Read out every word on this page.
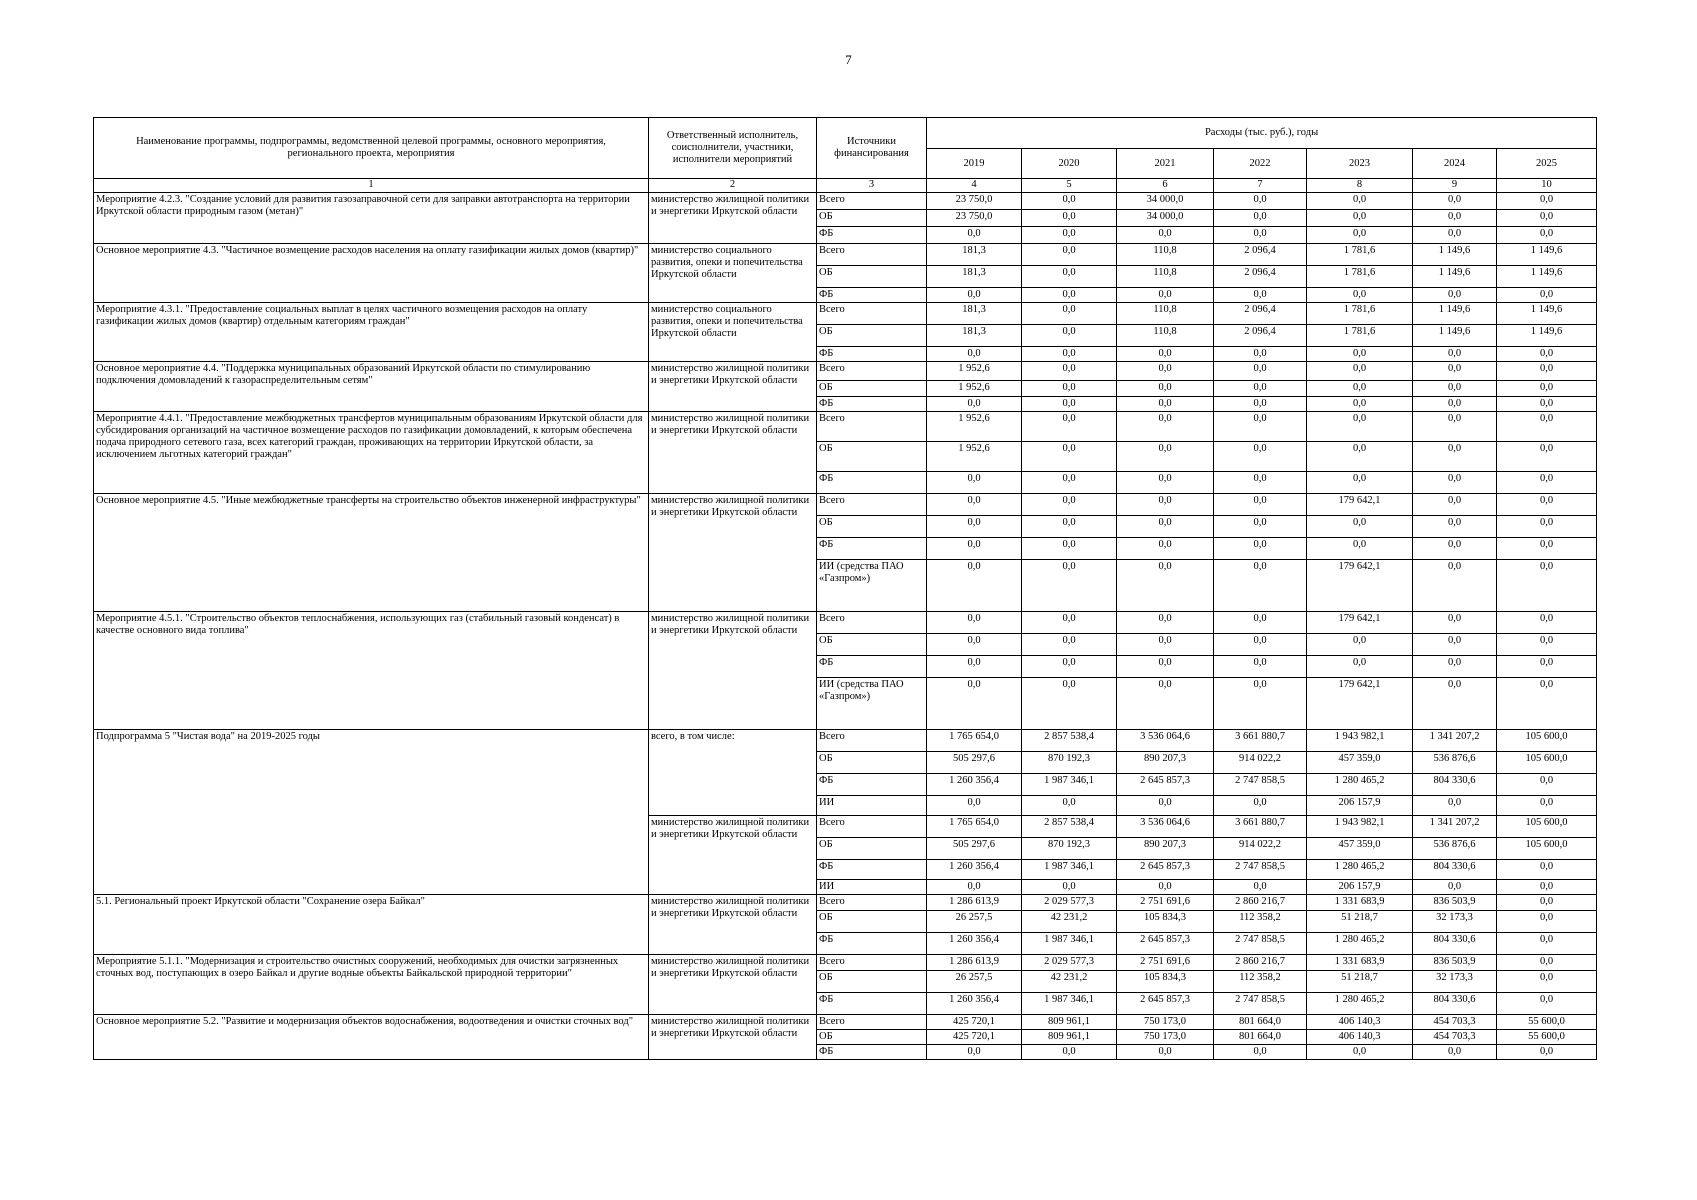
7
Наименование программы, подпрограммы, ведомственной целевой программы, основного мероприятия, регионального проекта, мероприятия	Ответственный исполнитель, соисполнители, участники, исполнители мероприятий	Источники финансирования	Расходы (тыс. руб.), годы						
			2019	2020	2021	2022	2023	2024	2025
1	2	3	4	5	6	7	8	9	10
Мероприятие 4.2.3. "Создание условий для развития газозаправочной сети для заправки автотранспорта на территории Иркутской области природным газом (метан)"	министерство жилищной политики и энергетики Иркутской области	Всего	23 750,0	0,0	34 000,0	0,0	0,0	0,0	0,0
		ОБ	23 750,0	0,0	34 000,0	0,0	0,0	0,0	0,0
		ФБ	0,0	0,0	0,0	0,0	0,0	0,0	0,0
Основное мероприятие 4.3. "Частичное возмещение расходов населения на оплату газификации жилых домов (квартир)"	министерство социального развития, опеки и попечительства Иркутской области	Всего	181,3	0,0	110,8	2 096,4	1 781,6	1 149,6	1 149,6
		ОБ	181,3	0,0	110,8	2 096,4	1 781,6	1 149,6	1 149,6
		ФБ	0,0	0,0	0,0	0,0	0,0	0,0	0,0
Мероприятие 4.3.1. "Предоставление социальных выплат в целях частичного возмещения расходов на оплату газификации жилых домов (квартир) отдельным категориям граждан"	министерство социального развития, опеки и попечительства Иркутской области	Всего	181,3	0,0	110,8	2 096,4	1 781,6	1 149,6	1 149,6
		ОБ	181,3	0,0	110,8	2 096,4	1 781,6	1 149,6	1 149,6
		ФБ	0,0	0,0	0,0	0,0	0,0	0,0	0,0
Основное мероприятие 4.4. "Поддержка муниципальных образований Иркутской области по стимулированию подключения домовладений к газораспределительным сетям"	министерство жилищной политики и энергетики Иркутской области	Всего	1 952,6	0,0	0,0	0,0	0,0	0,0	0,0
		ОБ	1 952,6	0,0	0,0	0,0	0,0	0,0	0,0
		ФБ	0,0	0,0	0,0	0,0	0,0	0,0	0,0
Мероприятие 4.4.1. "Предоставление межбюджетных трансфертов муниципальным образованиям Иркутской области для субсидирования организаций на частичное возмещение расходов по газификации домовладений, к которым обеспечена подача природного сетевого газа, всех категорий граждан, проживающих на территории Иркутской области, за исключением льготных категорий граждан"	министерство жилищной политики и энергетики Иркутской области	Всего	1 952,6	0,0	0,0	0,0	0,0	0,0	0,0
		ОБ	1 952,6	0,0	0,0	0,0	0,0	0,0	0,0
		ФБ	0,0	0,0	0,0	0,0	0,0	0,0	0,0
Основное мероприятие 4.5. "Иные межбюджетные трансферты на строительство объектов инженерной инфраструктуры"	министерство жилищной политики и энергетики Иркутской области	Всего	0,0	0,0	0,0	0,0	179 642,1	0,0	0,0
		ОБ	0,0	0,0	0,0	0,0	0,0	0,0	0,0
		ФБ	0,0	0,0	0,0	0,0	0,0	0,0	0,0
		ИИ (средства ПАО «Газпром»)	0,0	0,0	0,0	0,0	179 642,1	0,0	0,0
Мероприятие 4.5.1. "Строительство объектов теплоснабжения, использующих газ (стабильный газовый конденсат) в качестве основного вида топлива"	министерство жилищной политики и энергетики Иркутской области	Всего	0,0	0,0	0,0	0,0	179 642,1	0,0	0,0
		ОБ	0,0	0,0	0,0	0,0	0,0	0,0	0,0
		ФБ	0,0	0,0	0,0	0,0	0,0	0,0	0,0
		ИИ (средства ПАО «Газпром»)	0,0	0,0	0,0	0,0	179 642,1	0,0	0,0
Подпрограмма 5 "Чистая вода" на 2019-2025 годы	всего, в том числе:	Всего	1 765 654,0	2 857 538,4	3 536 064,6	3 661 880,7	1 943 982,1	1 341 207,2	105 600,0
		ОБ	505 297,6	870 192,3	890 207,3	914 022,2	457 359,0	536 876,6	105 600,0
		ФБ	1 260 356,4	1 987 346,1	2 645 857,3	2 747 858,5	1 280 465,2	804 330,6	0,0
		ИИ	0,0	0,0	0,0	0,0	206 157,9	0,0	0,0
	министерство жилищной политики и энергетики Иркутской области	Всего	1 765 654,0	2 857 538,4	3 536 064,6	3 661 880,7	1 943 982,1	1 341 207,2	105 600,0
		ОБ	505 297,6	870 192,3	890 207,3	914 022,2	457 359,0	536 876,6	105 600,0
		ФБ	1 260 356,4	1 987 346,1	2 645 857,3	2 747 858,5	1 280 465,2	804 330,6	0,0
		ИИ	0,0	0,0	0,0	0,0	206 157,9	0,0	0,0
5.1. Региональный проект Иркутской области "Сохранение озера Байкал"	министерство жилищной политики и энергетики Иркутской области	Всего	1 286 613,9	2 029 577,3	2 751 691,6	2 860 216,7	1 331 683,9	836 503,9	0,0
		ОБ	26 257,5	42 231,2	105 834,3	112 358,2	51 218,7	32 173,3	0,0
		ФБ	1 260 356,4	1 987 346,1	2 645 857,3	2 747 858,5	1 280 465,2	804 330,6	0,0
Мероприятие 5.1.1. "Модернизация и строительство очистных сооружений, необходимых для очистки загрязненных сточных вод, поступающих в озеро Байкал и другие водные объекты Байкальской природной территории"	министерство жилищной политики и энергетики Иркутской области	Всего	1 286 613,9	2 029 577,3	2 751 691,6	2 860 216,7	1 331 683,9	836 503,9	0,0
		ОБ	26 257,5	42 231,2	105 834,3	112 358,2	51 218,7	32 173,3	0,0
		ФБ	1 260 356,4	1 987 346,1	2 645 857,3	2 747 858,5	1 280 465,2	804 330,6	0,0
Основное мероприятие 5.2. "Развитие и модернизация объектов водоснабжения, водоотведения и очистки сточных вод"	министерство жилищной политики и энергетики Иркутской области	Всего	425 720,1	809 961,1	750 173,0	801 664,0	406 140,3	454 703,3	55 600,0
		ОБ	425 720,1	809 961,1	750 173,0	801 664,0	406 140,3	454 703,3	55 600,0
		ФБ	0,0	0,0	0,0	0,0	0,0	0,0	0,0
